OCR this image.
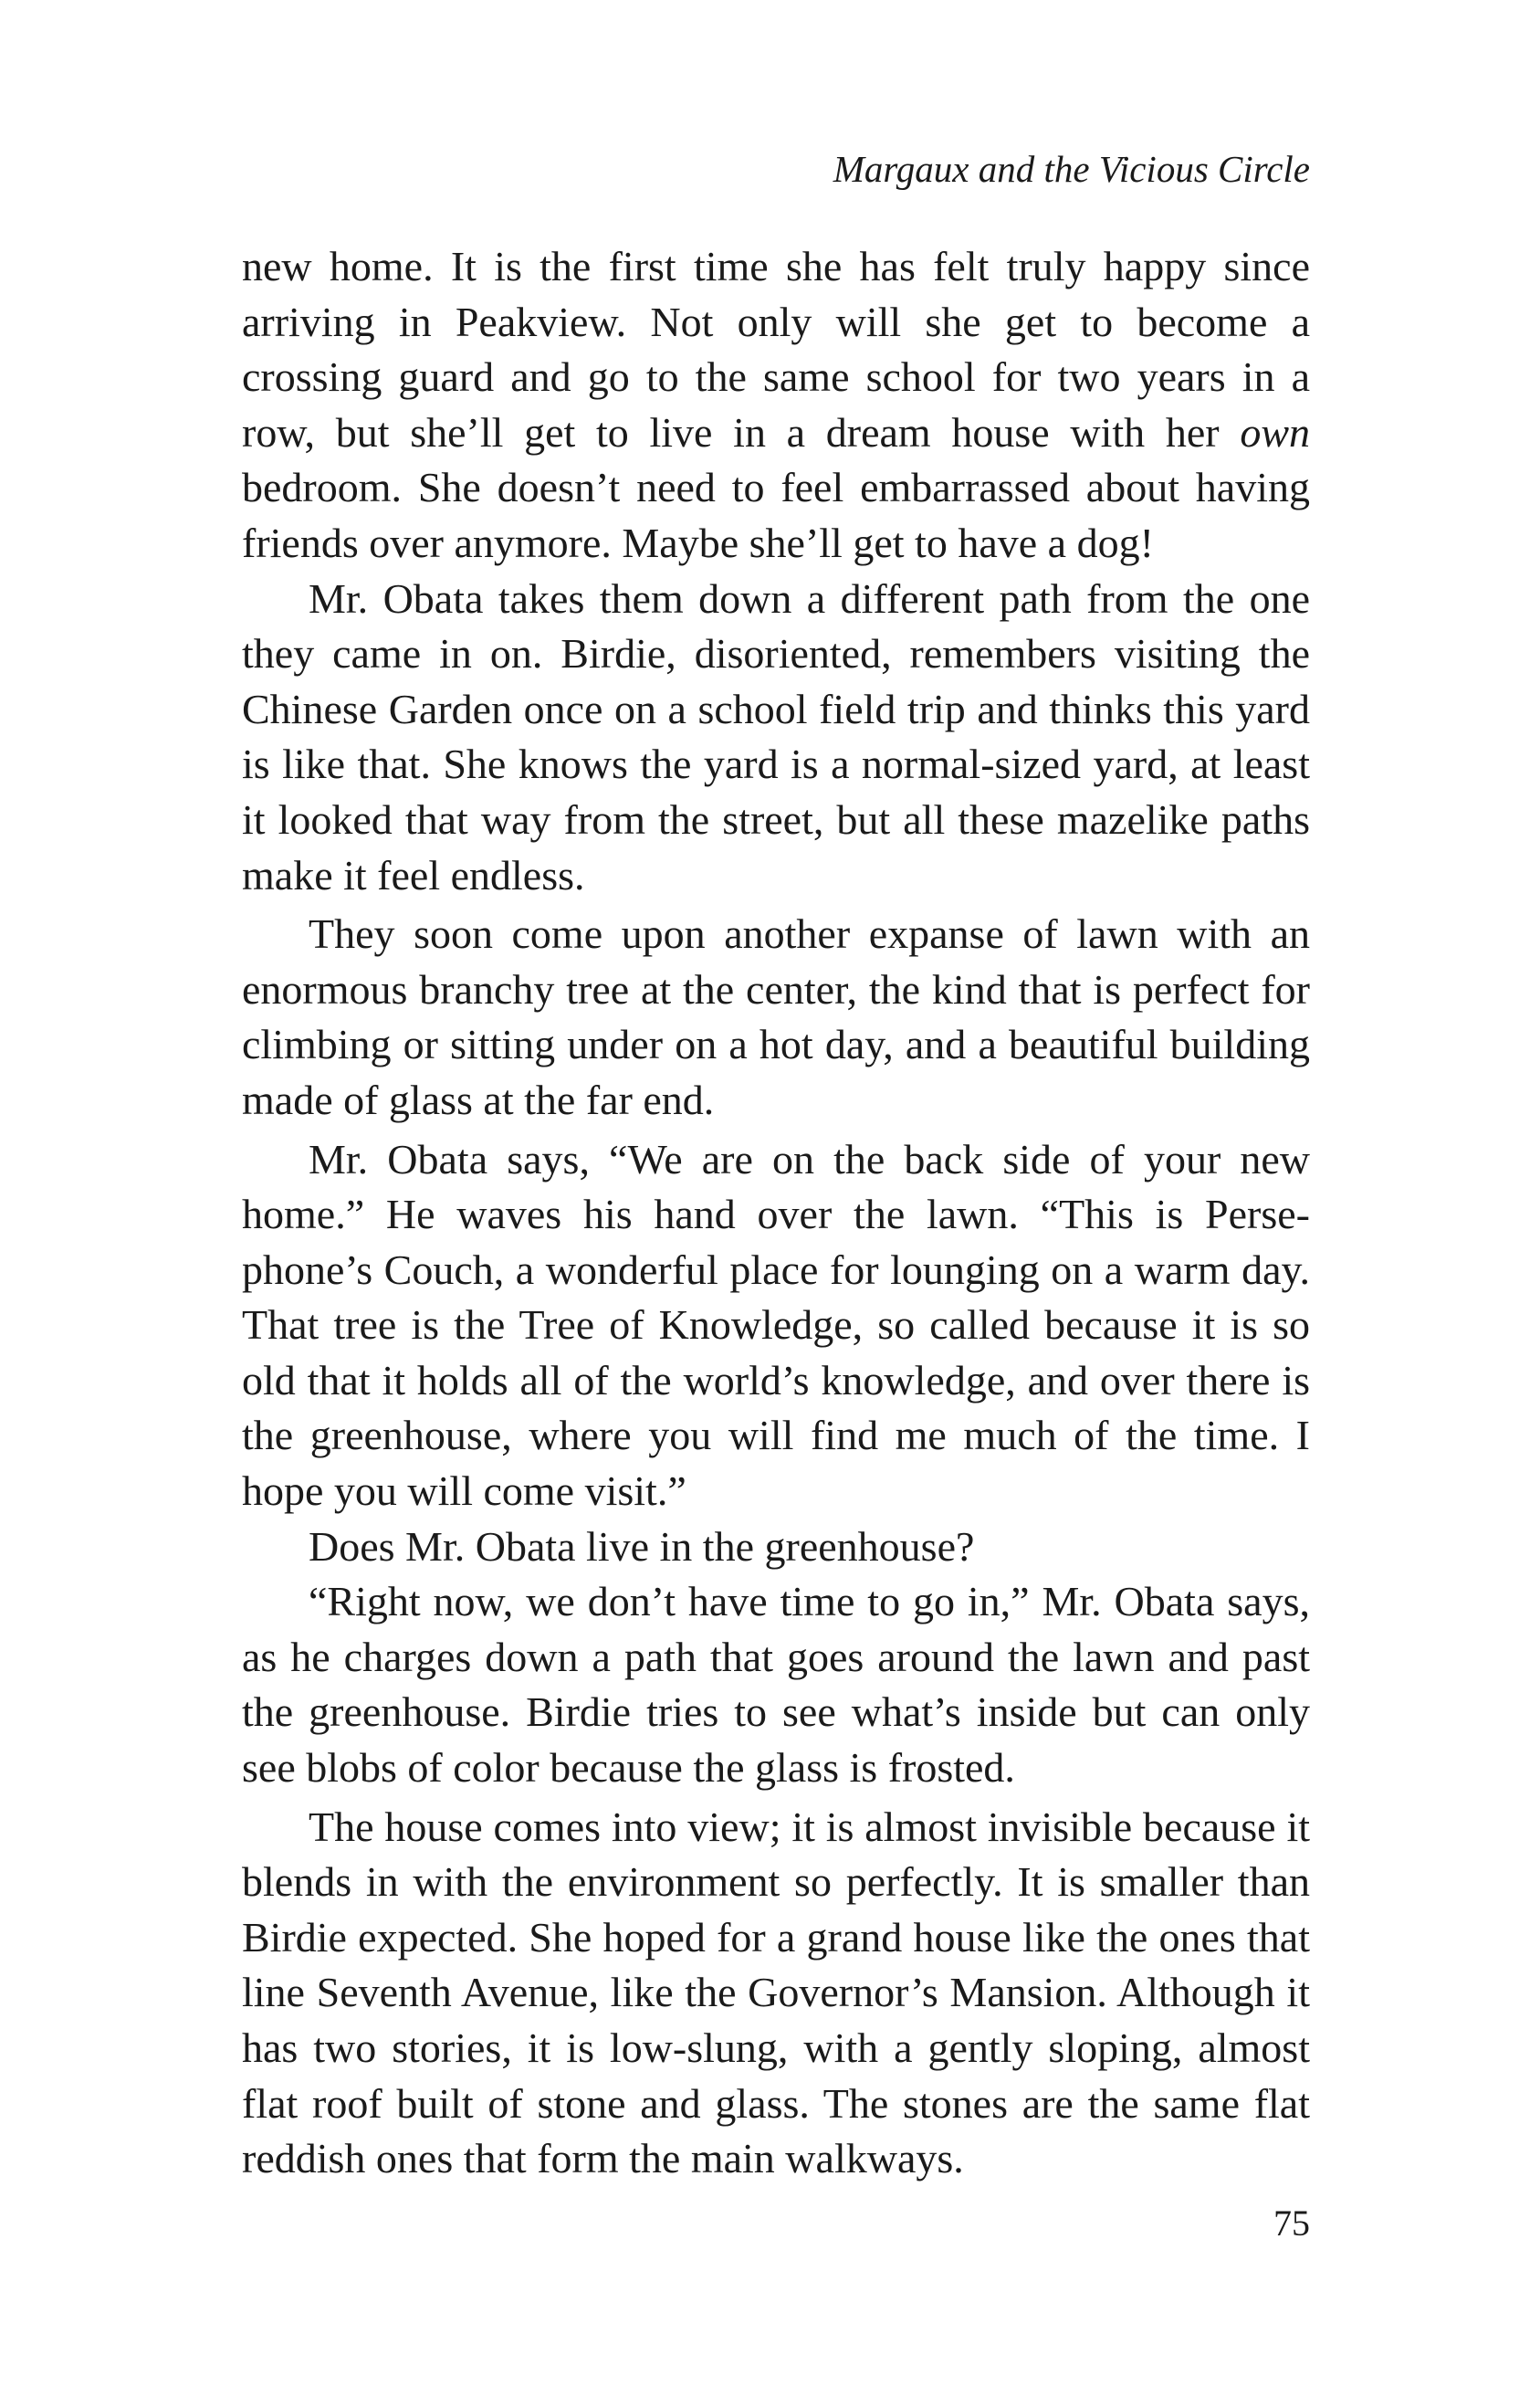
Margaux and the Vicious Circle

new home. It is the first time she has felt truly happy since arriving in Peakview. Not only will she get to become a crossing guard and go to the same school for two years in a row, but she’ll get to live in a dream house with her own bedroom. She doesn’t need to feel embarrassed about having friends over anymore. Maybe she’ll get to have a dog!

Mr. Obata takes them down a different path from the one they came in on. Birdie, disoriented, remembers visiting the Chinese Garden once on a school field trip and thinks this yard is like that. She knows the yard is a normal-sized yard, at least it looked that way from the street, but all these mazelike paths make it feel endless.

They soon come upon another expanse of lawn with an enormous branchy tree at the center, the kind that is perfect for climbing or sitting under on a hot day, and a beautiful building made of glass at the far end.

Mr. Obata says, “We are on the back side of your new home.” He waves his hand over the lawn. “This is Persephone’s Couch, a wonderful place for lounging on a warm day. That tree is the Tree of Knowledge, so called because it is so old that it holds all of the world’s knowledge, and over there is the greenhouse, where you will find me much of the time. I hope you will come visit.”

Does Mr. Obata live in the greenhouse?

“Right now, we don’t have time to go in,” Mr. Obata says, as he charges down a path that goes around the lawn and past the greenhouse. Birdie tries to see what’s inside but can only see blobs of color because the glass is frosted.

The house comes into view; it is almost invisible because it blends in with the environment so perfectly. It is smaller than Birdie expected. She hoped for a grand house like the ones that line Seventh Avenue, like the Governor’s Mansion. Although it has two stories, it is low-slung, with a gently sloping, almost flat roof built of stone and glass. The stones are the same flat reddish ones that form the main walkways.

75
